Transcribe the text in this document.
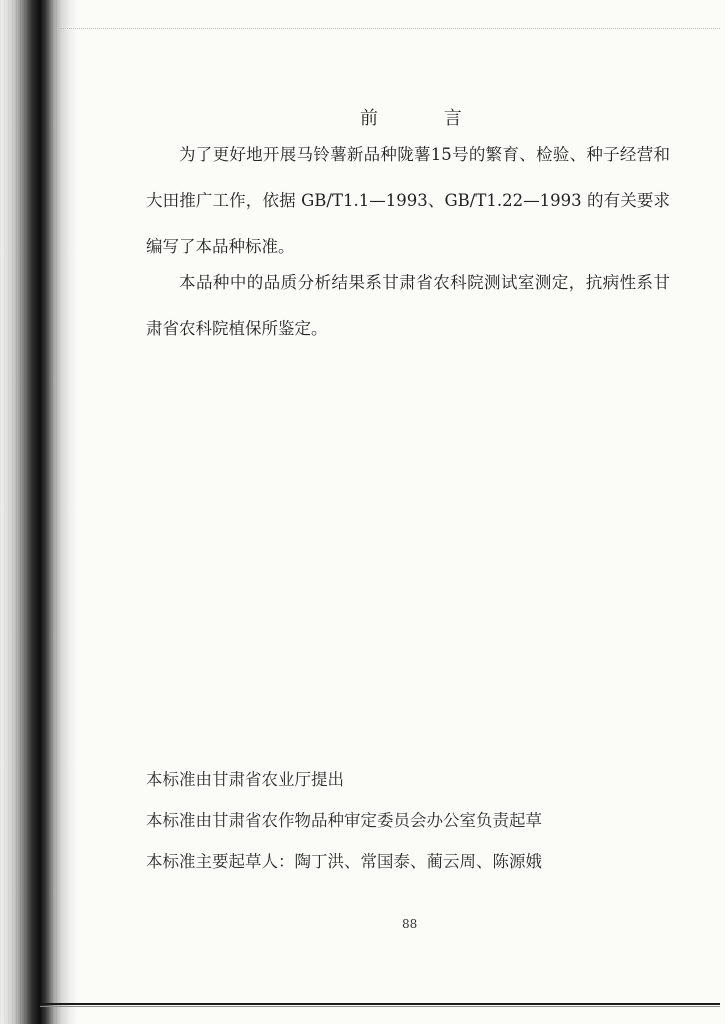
前 言

为了更好地开展马铃薯新品种陇薯15号的繁育、检验、种子经营和大田推广工作，依据 GB/T1.1—1993、GB/T1.22—1993 的有关要求编写了本品种标准。

本品种中的品质分析结果系甘肃省农科院测试室测定，抗病性系甘肃省农科院植保所鉴定。

本标准由甘肃省农业厅提出
本标准由甘肃省农作物品种审定委员会办公室负责起草
本标准主要起草人：陶丁洪、常国泰、蔺云周、陈源娥
88
